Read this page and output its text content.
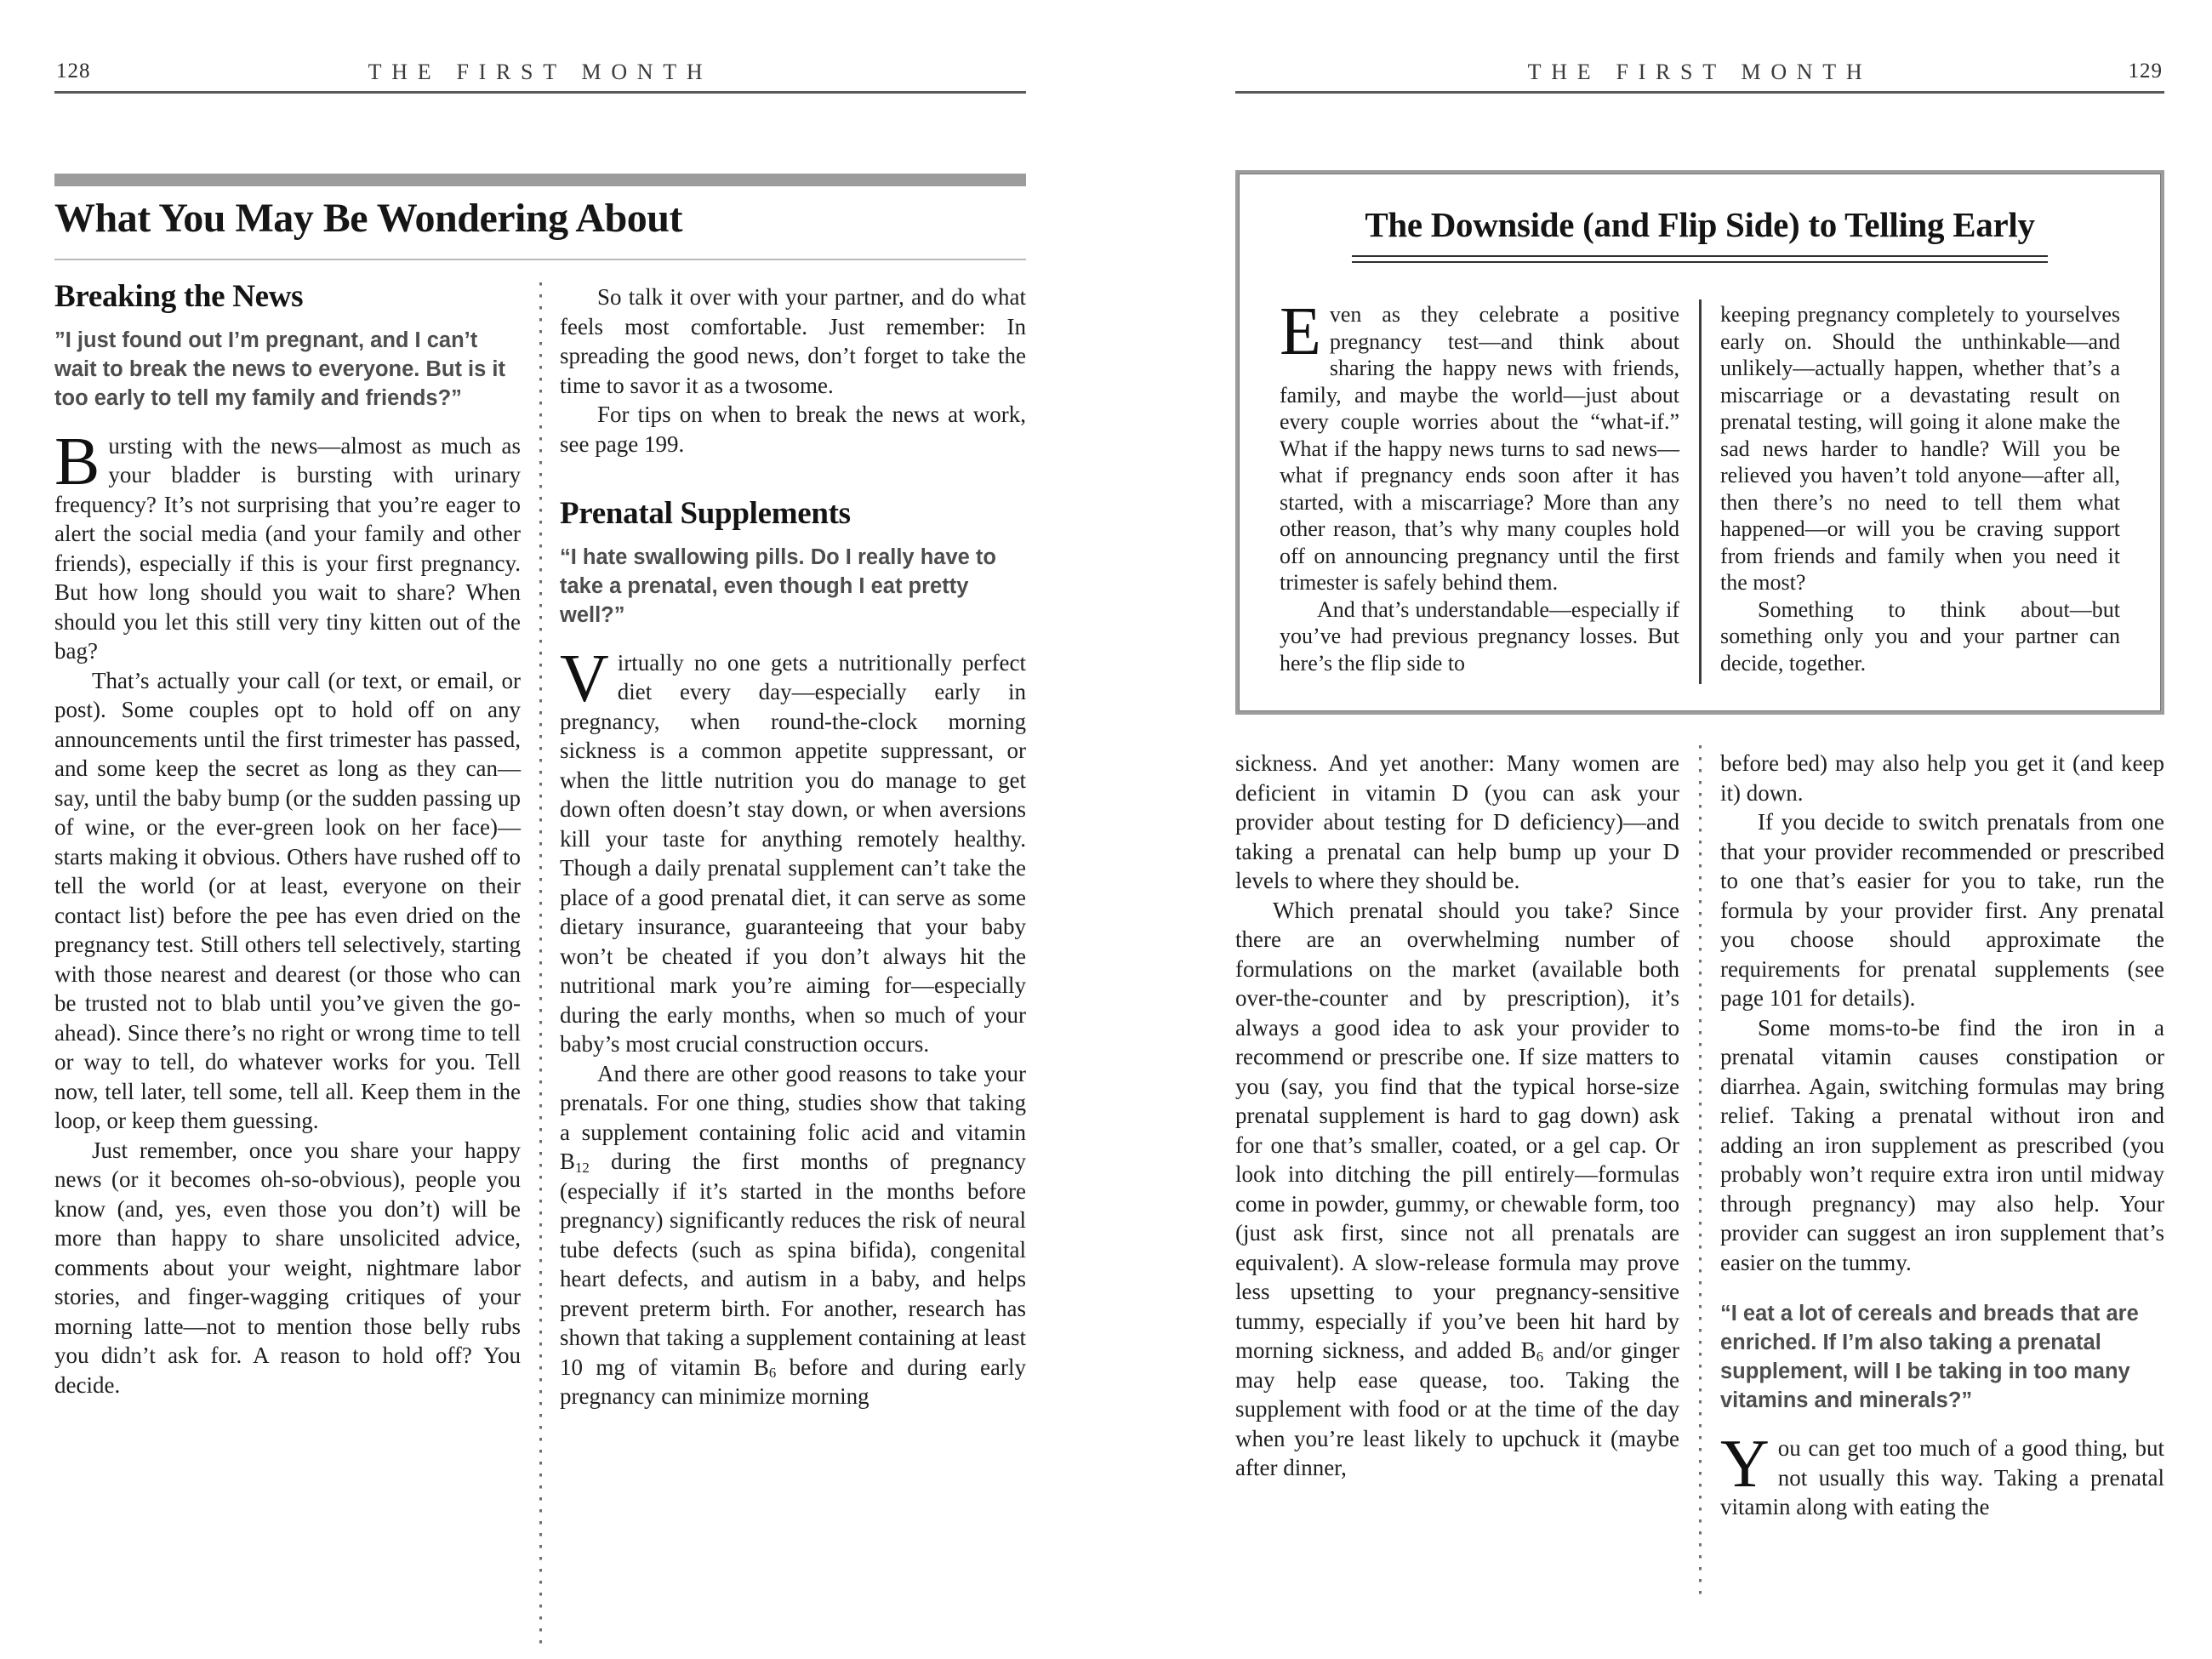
128	THE FIRST MONTH
What You May Be Wondering About
Breaking the News

”I just found out I’m pregnant, and I can’t wait to break the news to everyone. But is it too early to tell my family and friends?”

Bursting with the news—almost as much as your bladder is bursting with urinary frequency? It’s not surprising that you’re eager to alert the social media (and your family and other friends), especially if this is your first pregnancy. But how long should you wait to share? When should you let this still very tiny kitten out of the bag?

That’s actually your call (or text, or email, or post). Some couples opt to hold off on any announcements until the first trimester has passed, and some keep the secret as long as they can—say, until the baby bump (or the sudden passing up of wine, or the ever-green look on her face)—starts making it obvious. Others have rushed off to tell the world (or at least, everyone on their contact list) before the pee has even dried on the pregnancy test. Still others tell selectively, starting with those nearest and dearest (or those who can be trusted not to blab until you’ve given the go-ahead). Since there’s no right or wrong time to tell or way to tell, do whatever works for you. Tell now, tell later, tell some, tell all. Keep them in the loop, or keep them guessing.

Just remember, once you share your happy news (or it becomes oh-so-obvious), people you know (and, yes, even those you don’t) will be more than happy to share unsolicited advice, comments about your weight, nightmare labor stories, and finger-wagging critiques of your morning latte—not to mention those belly rubs you didn’t ask for. A reason to hold off? You decide.

So talk it over with your partner, and do what feels most comfortable. Just remember: In spreading the good news, don’t forget to take the time to savor it as a twosome.

For tips on when to break the news at work, see page 199.

Prenatal Supplements

“I hate swallowing pills. Do I really have to take a prenatal, even though I eat pretty well?”

Virtually no one gets a nutritionally perfect diet every day—especially early in pregnancy, when round-the-clock morning sickness is a common appetite suppressant, or when the little nutrition you do manage to get down often doesn’t stay down, or when aversions kill your taste for anything remotely healthy. Though a daily prenatal supplement can’t take the place of a good prenatal diet, it can serve as some dietary insurance, guaranteeing that your baby won’t be cheated if you don’t always hit the nutritional mark you’re aiming for—especially during the early months, when so much of your baby’s most crucial construction occurs.

And there are other good reasons to take your prenatals. For one thing, studies show that taking a supplement containing folic acid and vitamin $B_{12}$ during the first months of pregnancy (especially if it’s started in the months before pregnancy) significantly reduces the risk of neural tube defects (such as spina bifida), congenital heart defects, and autism in a baby, and helps prevent preterm birth. For another, research has shown that taking a supplement containing at least 10 mg of vitamin $B_6$ before and during early pregnancy can minimize morning

THE FIRST MONTH	129
The Downside (and Flip Side) to Telling Early

Even as they celebrate a positive pregnancy test—and think about sharing the happy news with friends, family, and maybe the world—just about every couple worries about the “what-if.” What if the happy news turns to sad news—what if pregnancy ends soon after it has started, with a miscarriage? More than any other reason, that’s why many couples hold off on announcing pregnancy until the first trimester is safely behind them.

And that’s understandable—especially if you’ve had previous pregnancy losses. But here’s the flip side to

keeping pregnancy completely to yourselves early on. Should the unthinkable—and unlikely—actually happen, whether that’s a miscarriage or a devastating result on prenatal testing, will going it alone make the sad news harder to handle? Will you be relieved you haven’t told anyone—after all, then there’s no need to tell them what happened—or will you be craving support from friends and family when you need it the most?

Something to think about—but something only you and your partner can decide, together.

sickness. And yet another: Many women are deficient in vitamin D (you can ask your provider about testing for D deficiency)—and taking a prenatal can help bump up your D levels to where they should be.

Which prenatal should you take? Since there are an overwhelming number of formulations on the market (available both over-the-counter and by prescription), it’s always a good idea to ask your provider to recommend or prescribe one. If size matters to you (say, you find that the typical horse-size prenatal supplement is hard to gag down) ask for one that’s smaller, coated, or a gel cap. Or look into ditching the pill entirely—formulas come in powder, gummy, or chewable form, too (just ask first, since not all prenatals are equivalent). A slow-release formula may prove less upsetting to your pregnancy-sensitive tummy, especially if you’ve been hit hard by morning sickness, and added $B_6$ and/or ginger may help ease quease, too. Taking the supplement with food or at the time of the day when you’re least likely to upchuck it (maybe after dinner,

before bed) may also help you get it (and keep it) down.

If you decide to switch prenatals from one that your provider recommended or prescribed to one that’s easier for you to take, run the formula by your provider first. Any prenatal you choose should approximate the requirements for prenatal supplements (see page 101 for details).

Some moms-to-be find the iron in a prenatal vitamin causes constipation or diarrhea. Again, switching formulas may bring relief. Taking a prenatal without iron and adding an iron supplement as prescribed (you probably won’t require extra iron until midway through pregnancy) may also help. Your provider can suggest an iron supplement that’s easier on the tummy.

“I eat a lot of cereals and breads that are enriched. If I’m also taking a prenatal supplement, will I be taking in too many vitamins and minerals?”

You can get too much of a good thing, but not usually this way. Taking a prenatal vitamin along with eating the
